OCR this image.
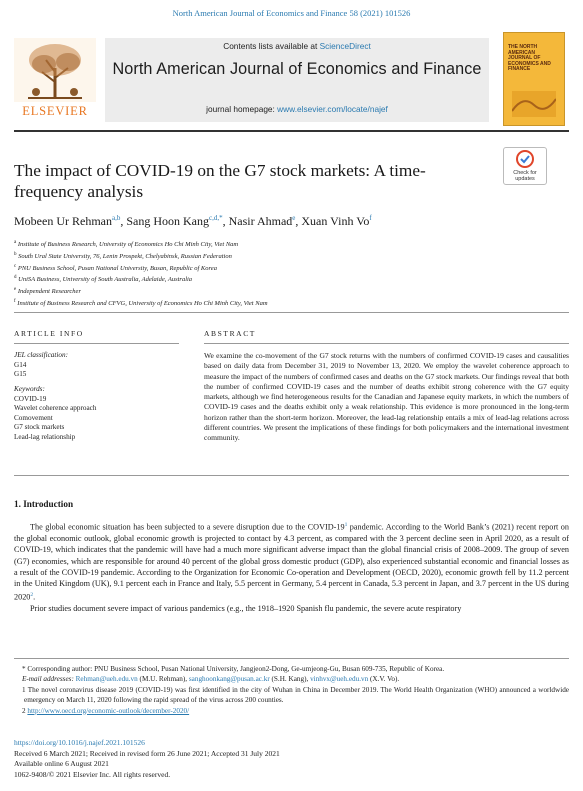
North American Journal of Economics and Finance 58 (2021) 101526
Contents lists available at ScienceDirect
North American Journal of Economics and Finance
journal homepage: www.elsevier.com/locate/najef
ELSEVIER
THE NORTH AMERICAN JOURNAL OF ECONOMICS AND FINANCE
The impact of COVID-19 on the G7 stock markets: A time-frequency analysis
Check for updates
Mobeen Ur Rehman$^{a,b}$, Sang Hoon Kang$^{c,d,*}$, Nasir Ahmad$^e$, Xuan Vinh Vo$^f$
$^a$ Institute of Business Research, University of Economics Ho Chi Minh City, Viet Nam
$^b$ South Ural State University, 76, Lenin Prospekt, Chelyabinsk, Russian Federation
$^c$ PNU Business School, Pusan National University, Busan, Republic of Korea
$^d$ UniSA Business, University of South Australia, Adelaide, Australia
$^e$ Independent Researcher
$^f$ Institute of Business Research and CFVG, University of Economics Ho Chi Minh City, Viet Nam
ARTICLE INFO	ABSTRACT
JEL classification:
G14
G15
Keywords:
COVID-19
Wavelet coherence approach
Comovement
G7 stock markets
Lead-lag relationship
We examine the co-movement of the G7 stock returns with the numbers of confirmed COVID-19 cases and causalities based on daily data from December 31, 2019 to November 13, 2020. We employ the wavelet coherence approach to measure the impact of the numbers of confirmed cases and deaths on the G7 stock markets. Our findings reveal that both the number of confirmed COVID-19 cases and the number of deaths exhibit strong coherence with the G7 equity markets, although we find heterogeneous results for the Canadian and Japanese equity markets, in which the numbers of COVID-19 cases and the deaths exhibit only a weak relationship. This evidence is more pronounced in the long-term horizon rather than the short-term horizon. Moreover, the lead-lag relationship entails a mix of lead-lag relations across different countries. We present the implications of these findings for both policymakers and the international investment community.
1. Introduction

The global economic situation has been subjected to a severe disruption due to the COVID-$19^1$ pandemic. According to the World Bank’s (2021) recent report on the global economic outlook, global economic growth is projected to contact by 4.3 percent, as compared with the 3 percent decline seen in April 2020, as a result of COVID-19, which indicates that the pandemic will have had a much more significant adverse impact than the global financial crisis of 2008–2009. The group of seven (G7) economies, which are responsible for around 40 percent of the global gross domestic product (GDP), also experienced substantial economic and financial losses as a result of the COVID-19 pandemic. According to the Organization for Economic Co-operation and Development (OECD, 2020), economic growth fell by 11.2 percent in the United Kingdom (UK), 9.1 percent each in France and Italy, 5.5 percent in Germany, 5.4 percent in Canada, 5.3 percent in Japan, and 3.7 percent in the US during 2020$^2$.

Prior studies document severe impact of various pandemics (e.g., the 1918–1920 Spanish flu pandemic, the severe acute respiratory

* Corresponding author: PNU Business School, Pusan National University, Jangjeon2-Dong, Ge-umjeong-Gu, Busan 609-735, Republic of Korea.

E-mail addresses: Rehman@ueh.edu.vn (M.U. Rehman), sanghoonkang@pusan.ac.kr (S.H. Kang), vinhvx@ueh.edu.vn (X.V. Vo).

1 The novel coronavirus disease 2019 (COVID-19) was first identified in the city of Wuhan in China in December 2019. The World Health Organization (WHO) announced a worldwide emergency on March 11, 2020 following the rapid spread of the virus across 200 counties.

2 http://www.oecd.org/economic-outlook/december-2020/

https://doi.org/10.1016/j.najef.2021.101526
Received 6 March 2021; Received in revised form 26 June 2021; Accepted 31 July 2021
Available online 6 August 2021
1062-9408/© 2021 Elsevier Inc. All rights reserved.
